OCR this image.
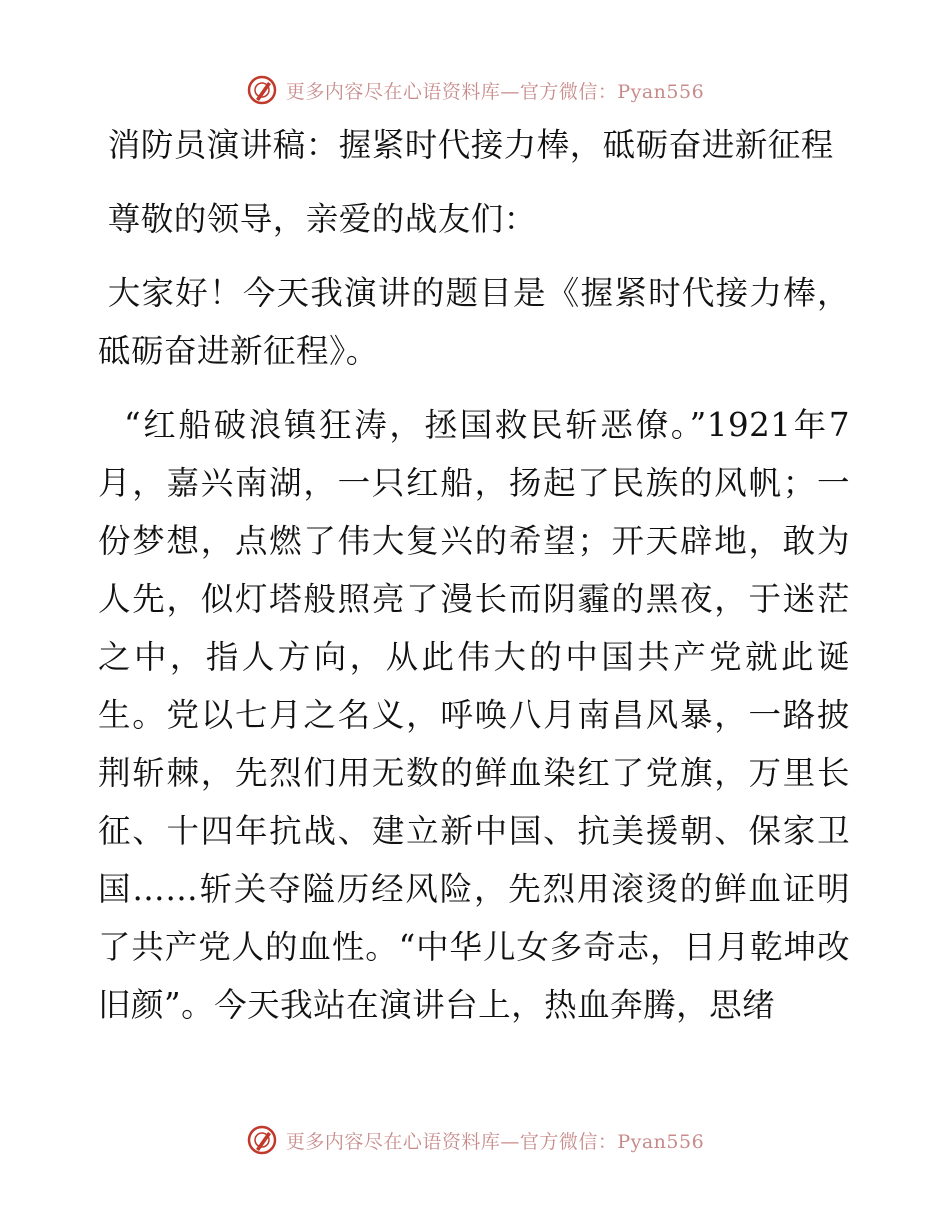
更多内容尽在心语资料库—官方微信：Pyan556

消防员演讲稿：握紧时代接力棒，砥砺奋进新征程

尊敬的领导，亲爱的战友们：

大家好！今天我演讲的题目是《握紧时代接力棒，砥砺奋进新征程》。

“红船破浪镇狂涛，拯国救民斩恶僚。”1921年7月，嘉兴南湖，一只红船，扬起了民族的风帆；一份梦想，点燃了伟大复兴的希望；开天辟地，敢为人先，似灯塔般照亮了漫长而阴霾的黑夜，于迷茫之中，指人方向，从此伟大的中国共产党就此诞生。党以七月之名义，呼唤八月南昌风暴，一路披荆斩棘，先烈们用无数的鲜血染红了党旗，万里长征、十四年抗战、建立新中国、抗美援朝、保家卫国……斩关夺隘历经风险，先烈用滚烫的鲜血证明了共产党人的血性。“中华儿女多奇志，日月乾坤改旧颜”。今天我站在演讲台上，热血奔腾，思绪

更多内容尽在心语资料库—官方微信：Pyan556
